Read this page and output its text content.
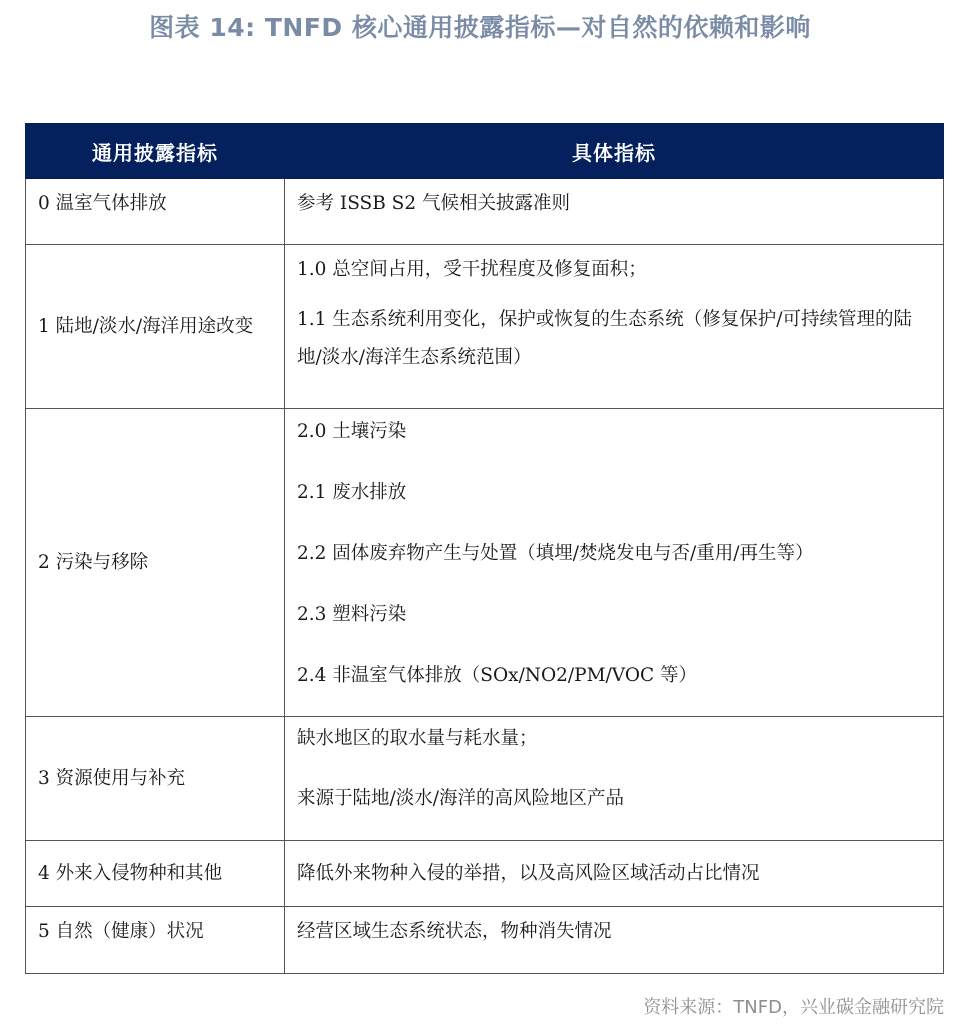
图表 14: TNFD 核心通用披露指标—对自然的依赖和影响
通用披露指标	具体指标

0 温室气体排放	参考 ISSB S2 气候相关披露准则

1 陆地/淡水/海洋用途改变	1.0 总空间占用，受干扰程度及修复面积；

1.1 生态系统利用变化，保护或恢复的生态系统（修复保护/可持续管理的陆地/淡水/海洋生态系统范围）

2 污染与移除	2.0 土壤污染

2.1 废水排放

2.2 固体废弃物产生与处置（填埋/焚烧发电与否/重用/再生等）

2.3 塑料污染

2.4 非温室气体排放（SOx/NO2/PM/VOC 等）

3 资源使用与补充	缺水地区的取水量与耗水量；

来源于陆地/淡水/海洋的高风险地区产品

4 外来入侵物种和其他	降低外来物种入侵的举措，以及高风险区域活动占比情况

5 自然（健康）状况	经营区域生态系统状态，物种消失情况

资料来源：TNFD，兴业碳金融研究院
